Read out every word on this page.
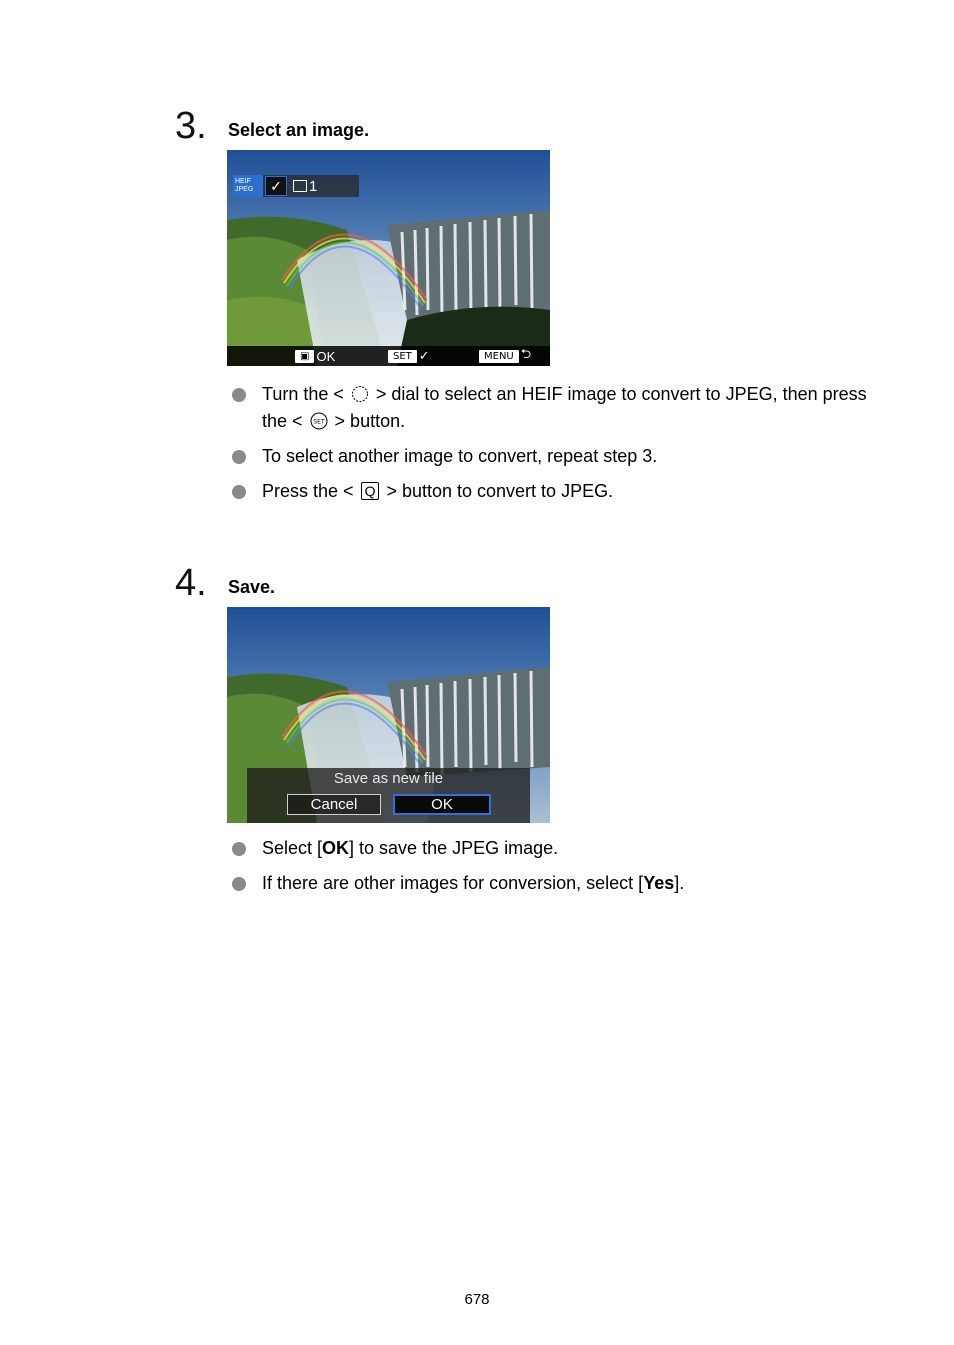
3. Select an image.
HEIF
JPEG	✓	1
▣ OK	SET ✓	MENU ⮌
Turn the <  > dial to select an HEIF image to convert to JPEG, then press the < SET > button.
To select another image to convert, repeat step 3.
Press the < Q > button to convert to JPEG.
4. Save.
Save as new file
Cancel	OK
Select [OK] to save the JPEG image.
If there are other images for conversion, select [Yes].
678
